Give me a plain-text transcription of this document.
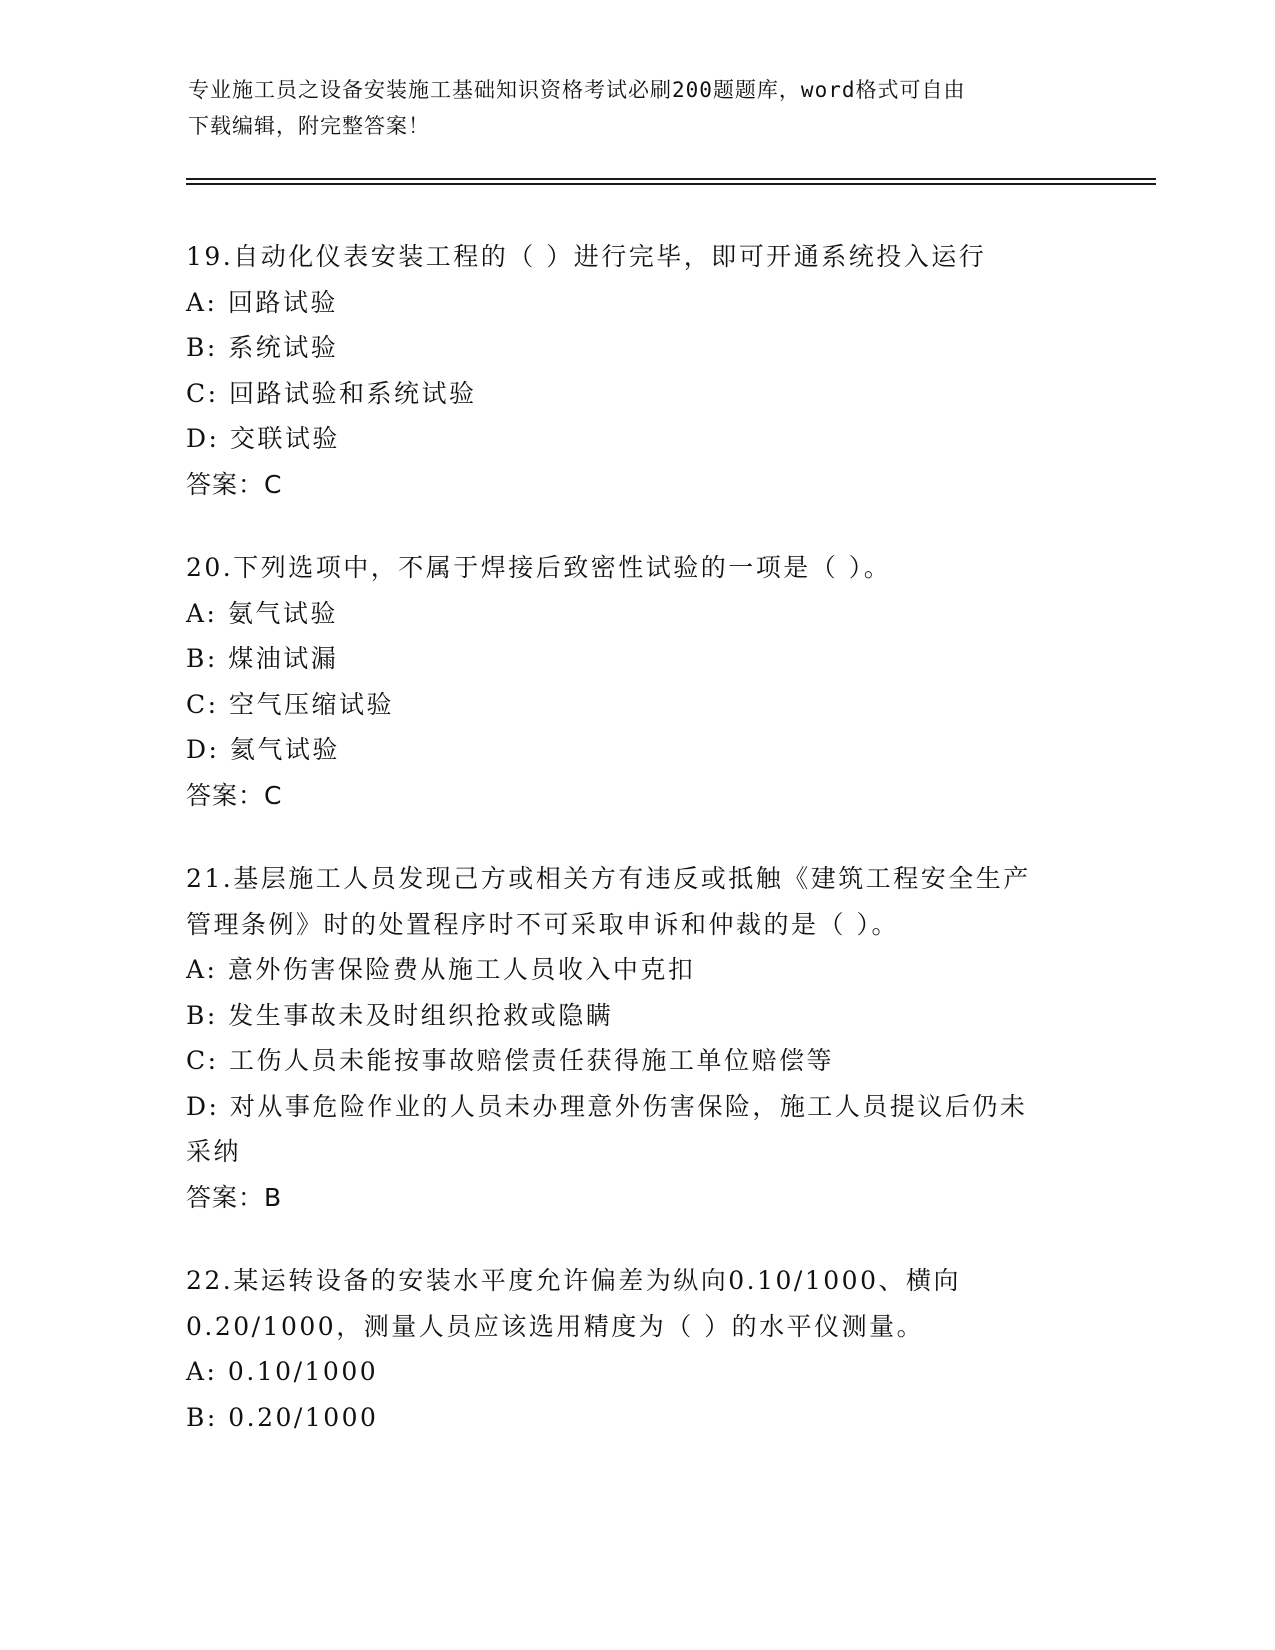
专业施工员之设备安装施工基础知识资格考试必刷200题题库，word格式可自由
下载编辑，附完整答案！
19.自动化仪表安装工程的（ ）进行完毕，即可开通系统投入运行
A: 回路试验
B: 系统试验
C: 回路试验和系统试验
D: 交联试验
答案：C
20.下列选项中，不属于焊接后致密性试验的一项是（ ）。
A: 氨气试验
B: 煤油试漏
C: 空气压缩试验
D: 氦气试验
答案：C
21.基层施工人员发现己方或相关方有违反或抵触《建筑工程安全生产
管理条例》时的处置程序时不可采取申诉和仲裁的是（ ）。
A: 意外伤害保险费从施工人员收入中克扣
B: 发生事故未及时组织抢救或隐瞒
C: 工伤人员未能按事故赔偿责任获得施工单位赔偿等
D: 对从事危险作业的人员未办理意外伤害保险，施工人员提议后仍未
采纳
答案：B
22.某运转设备的安装水平度允许偏差为纵向0.10/1000、横向
0.20/1000，测量人员应该选用精度为（ ）的水平仪测量。
A: 0.10/1000
B: 0.20/1000
